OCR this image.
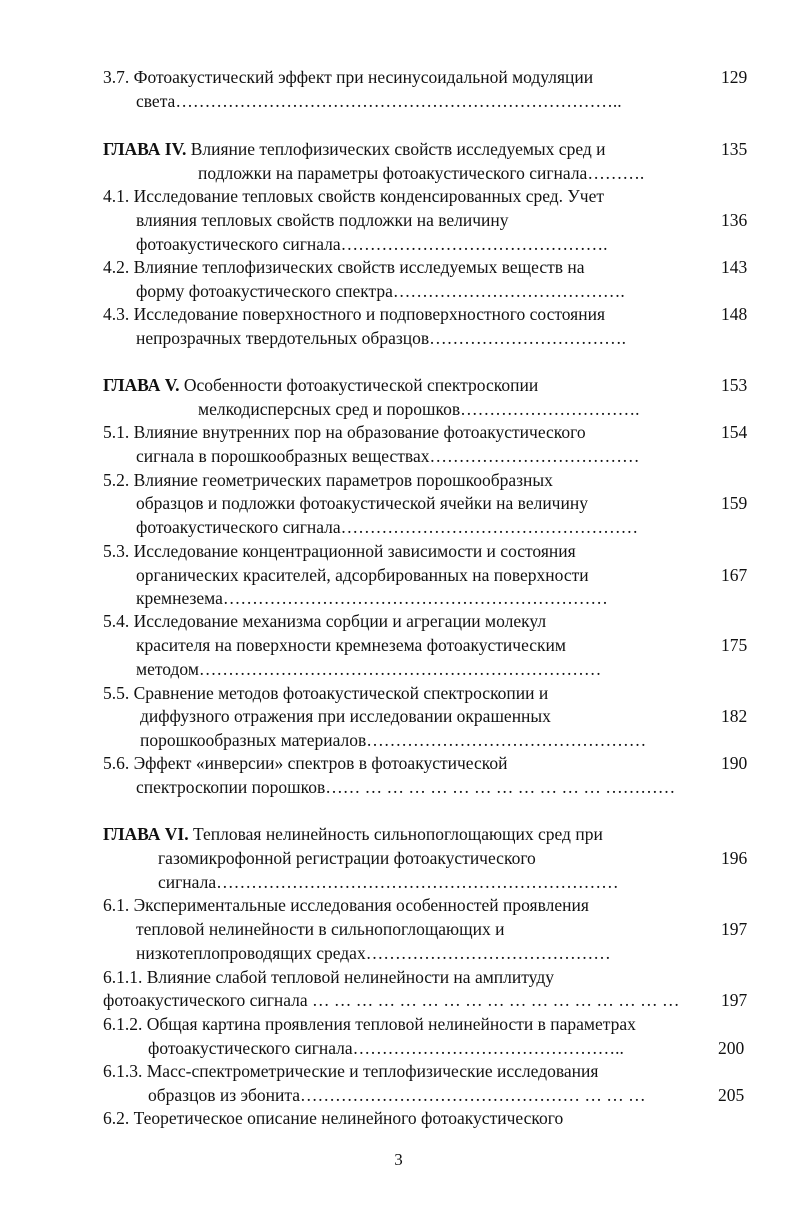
3.7. Фотоакустический эффект при несинусоидальной модуляции
света…………………………………………………………………..
129
ГЛАВА IV. Влияние теплофизических свойств исследуемых сред и
подложки на параметры фотоакустического сигнала……….
135
4.1. Исследование тепловых свойств конденсированных сред. Учет
влияния тепловых свойств подложки на величину
фотоакустического сигнала……………………………………….
136
4.2. Влияние теплофизических свойств исследуемых веществ на
форму фотоакустического спектра………………………………….
143
4.3. Исследование поверхностного и подповерхностного состояния
непрозрачных твердотельных образцов…………………………….
148
ГЛАВА V. Особенности фотоакустической спектроскопии
мелкодисперсных сред и порошков………………………….
153
5.1. Влияние внутренних пор на образование фотоакустического
сигнала в порошкообразных веществах………………………………
154
5.2. Влияние геометрических параметров порошкообразных
образцов и подложки фотоакустической ячейки на величину
фотоакустического сигнала……………………………………………
159
5.3. Исследование концентрационной зависимости и состояния
органических красителей, адсорбированных на поверхности
кремнезема…………………………………………………………
167
5.4. Исследование механизма сорбции и агрегации молекул
красителя на поверхности кремнезема фотоакустическим
методом……………………………………………………………
175
5.5. Сравнение методов фотоакустической спектроскопии и
диффузного отражения при исследовании окрашенных
порошкообразных материалов…………………………………………
182
5.6. Эффект «инверсии» спектров в фотоакустической
спектроскопии порошков…… … … … … … … … … … … … …………
190
ГЛАВА VI. Тепловая нелинейность сильнопоглощающих сред при
газомикрофонной регистрации фотоакустического
сигнала……………………………………………………………
196
6.1. Экспериментальные исследования особенностей проявления
тепловой нелинейности в сильнопоглощающих и
низкотеплопроводящих средах……………………………………
197
6.1.1. Влияние слабой тепловой нелинейности на амплитуду
фотоакустического сигнала … … … … … … … … … … … … … … … … …	197
6.1.2. Общая картина проявления тепловой нелинейности в параметрах
фотоакустического сигнала………………………………………..	200
6.1.3. Масс-спектрометрические и теплофизические исследования
образцов из эбонита………………………………………… … … …	205
6.2. Теоретическое описание нелинейного фотоакустического
3
